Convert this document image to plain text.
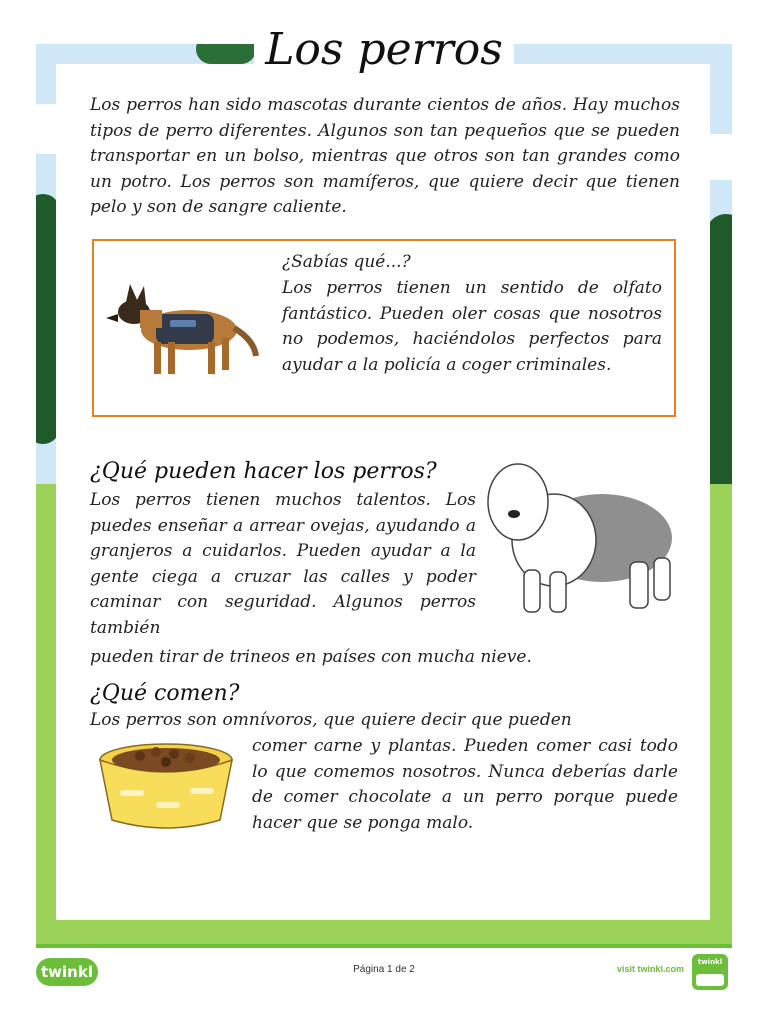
Los perros
Los perros han sido mascotas durante cientos de años. Hay muchos tipos de perro diferentes. Algunos son tan pequeños que se pueden transportar en un bolso, mientras que otros son tan grandes como un potro. Los perros son mamíferos, que quiere decir que tienen pelo y son de sangre caliente.
¿Sabías qué...?
Los perros tienen un sentido de olfato fantástico. Pueden oler cosas que nosotros no podemos, haciéndolos perfectos para ayudar a la policía a coger criminales.
¿Qué pueden hacer los perros?
Los perros tienen muchos talentos. Los puedes enseñar a arrear ovejas, ayudando a granjeros a cuidarlos. Pueden ayudar a la gente ciega a cruzar las calles y poder caminar con seguridad. Algunos perros también
pueden tirar de trineos en países con mucha nieve.
¿Qué comen?
Los perros son omnívoros, que quiere decir que pueden
comer carne y plantas. Pueden comer casi todo lo que comemos nosotros. Nunca deberías darle de comer chocolate a un perro porque puede hacer que se ponga malo.
twinkl	Página 1 de 2	visit twinkl.com
twinkl
